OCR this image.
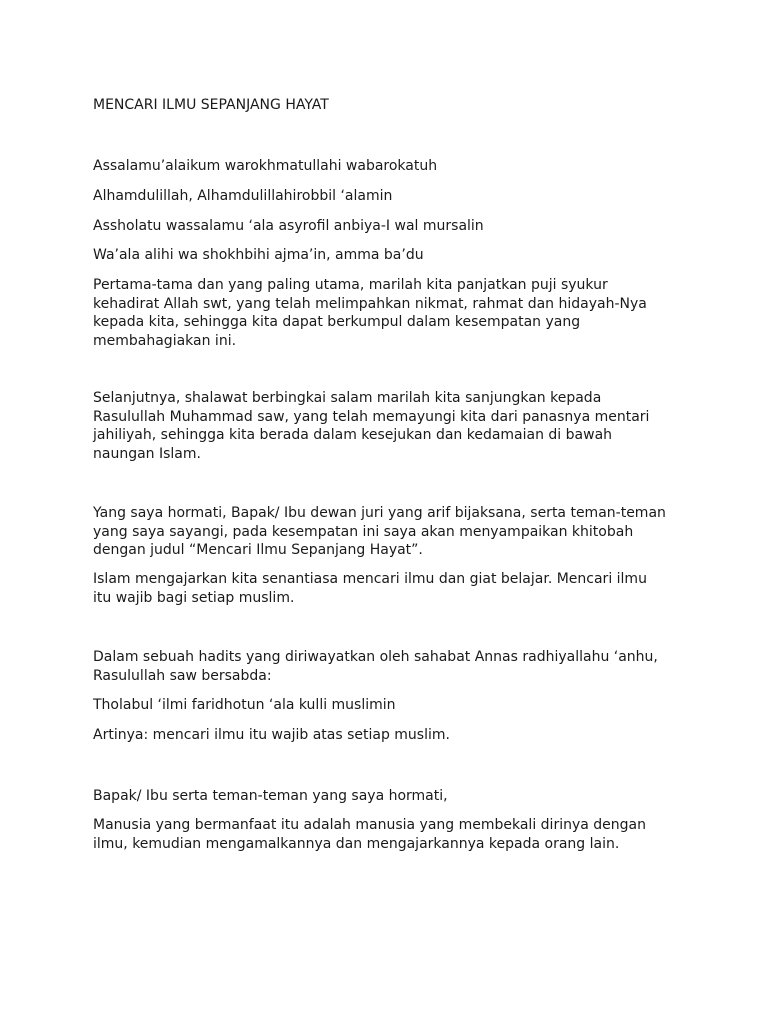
MENCARI ILMU SEPANJANG HAYAT

Assalamu’alaikum warokhmatullahi wabarokatuh

Alhamdulillah, Alhamdulillahirobbil ‘alamin

Assholatu wassalamu ‘ala asyrofil anbiya-I wal mursalin

Wa’ala alihi wa shokhbihi ajma’in, amma ba’du

Pertama-tama dan yang paling utama, marilah kita panjatkan puji syukur
kehadirat Allah swt, yang telah melimpahkan nikmat, rahmat dan hidayah-Nya
kepada kita, sehingga kita dapat berkumpul dalam kesempatan yang
membahagiakan ini.

Selanjutnya, shalawat berbingkai salam marilah kita sanjungkan kepada
Rasulullah Muhammad saw, yang telah memayungi kita dari panasnya mentari
jahiliyah, sehingga kita berada dalam kesejukan dan kedamaian di bawah
naungan Islam.

Yang saya hormati, Bapak/ Ibu dewan juri yang arif bijaksana, serta teman-teman
yang saya sayangi, pada kesempatan ini saya akan menyampaikan khitobah
dengan judul “Mencari Ilmu Sepanjang Hayat”.

Islam mengajarkan kita senantiasa mencari ilmu dan giat belajar. Mencari ilmu
itu wajib bagi setiap muslim.

Dalam sebuah hadits yang diriwayatkan oleh sahabat Annas radhiyallahu ‘anhu,
Rasulullah saw bersabda:

Tholabul ‘ilmi faridhotun ‘ala kulli muslimin

Artinya: mencari ilmu itu wajib atas setiap muslim.

Bapak/ Ibu serta teman-teman yang saya hormati,

Manusia yang bermanfaat itu adalah manusia yang membekali dirinya dengan
ilmu, kemudian mengamalkannya dan mengajarkannya kepada orang lain.
